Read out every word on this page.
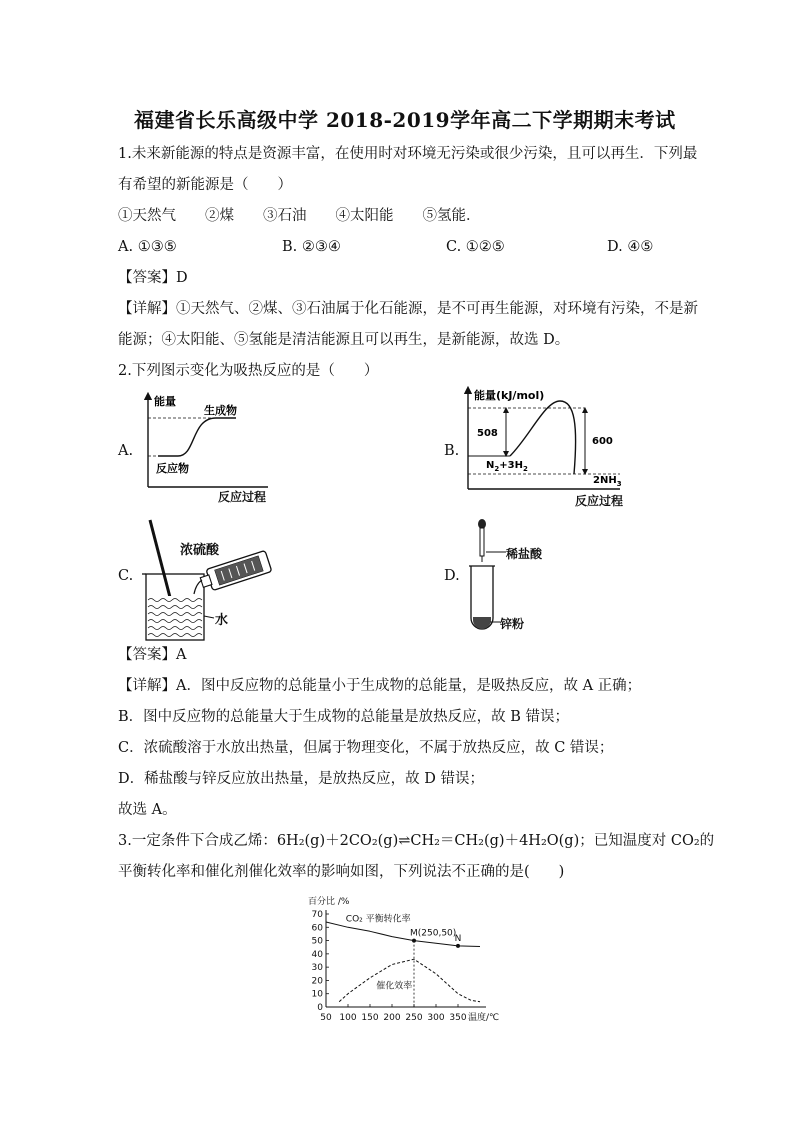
福建省长乐高级中学 2018-2019学年高二下学期期末考试
1.未来新能源的特点是资源丰富，在使用时对环境无污染或很少污染，且可以再生．下列最
有希望的新能源是（　　）
①天然气　　②煤　　③石油　　④太阳能　　⑤氢能．
A. ①③⑤	B. ②③④	C. ①②⑤	D. ④⑤
【答案】D
【详解】①天然气、②煤、③石油属于化石能源，是不可再生能源，对环境有污染，不是新
能源；④太阳能、⑤氢能是清洁能源且可以再生，是新能源，故选 D。
2.下列图示变化为吸热反应的是（　　）
A.	B.
C.	D.
能量
生成物
反应物
反应过程
能量(kJ/mol)
508
600
$N_2+3H_2$
$2NH_3$
反应过程
浓硫酸
水
稀盐酸
锌粉
【答案】A
【详解】A．图中反应物的总能量小于生成物的总能量，是吸热反应，故 A 正确；
B．图中反应物的总能量大于生成物的总能量是放热反应，故 B 错误；
C．浓硫酸溶于水放出热量，但属于物理变化，不属于放热反应，故 C 错误；
D．稀盐酸与锌反应放出热量，是放热反应，故 D 错误；
故选 A。
3.一定条件下合成乙烯：6H₂(g)＋2CO₂(g)⇌CH₂＝CH₂(g)＋4H₂O(g)；已知温度对 CO₂的
平衡转化率和催化剂催化效率的影响如图，下列说法不正确的是(　　)
0
10
20
30
40
50
60
70
50 100 150 200 250 300 350 温度/℃
百分比 /%
CO₂ 平衡转化率
催化效率
M(250,50)
N
